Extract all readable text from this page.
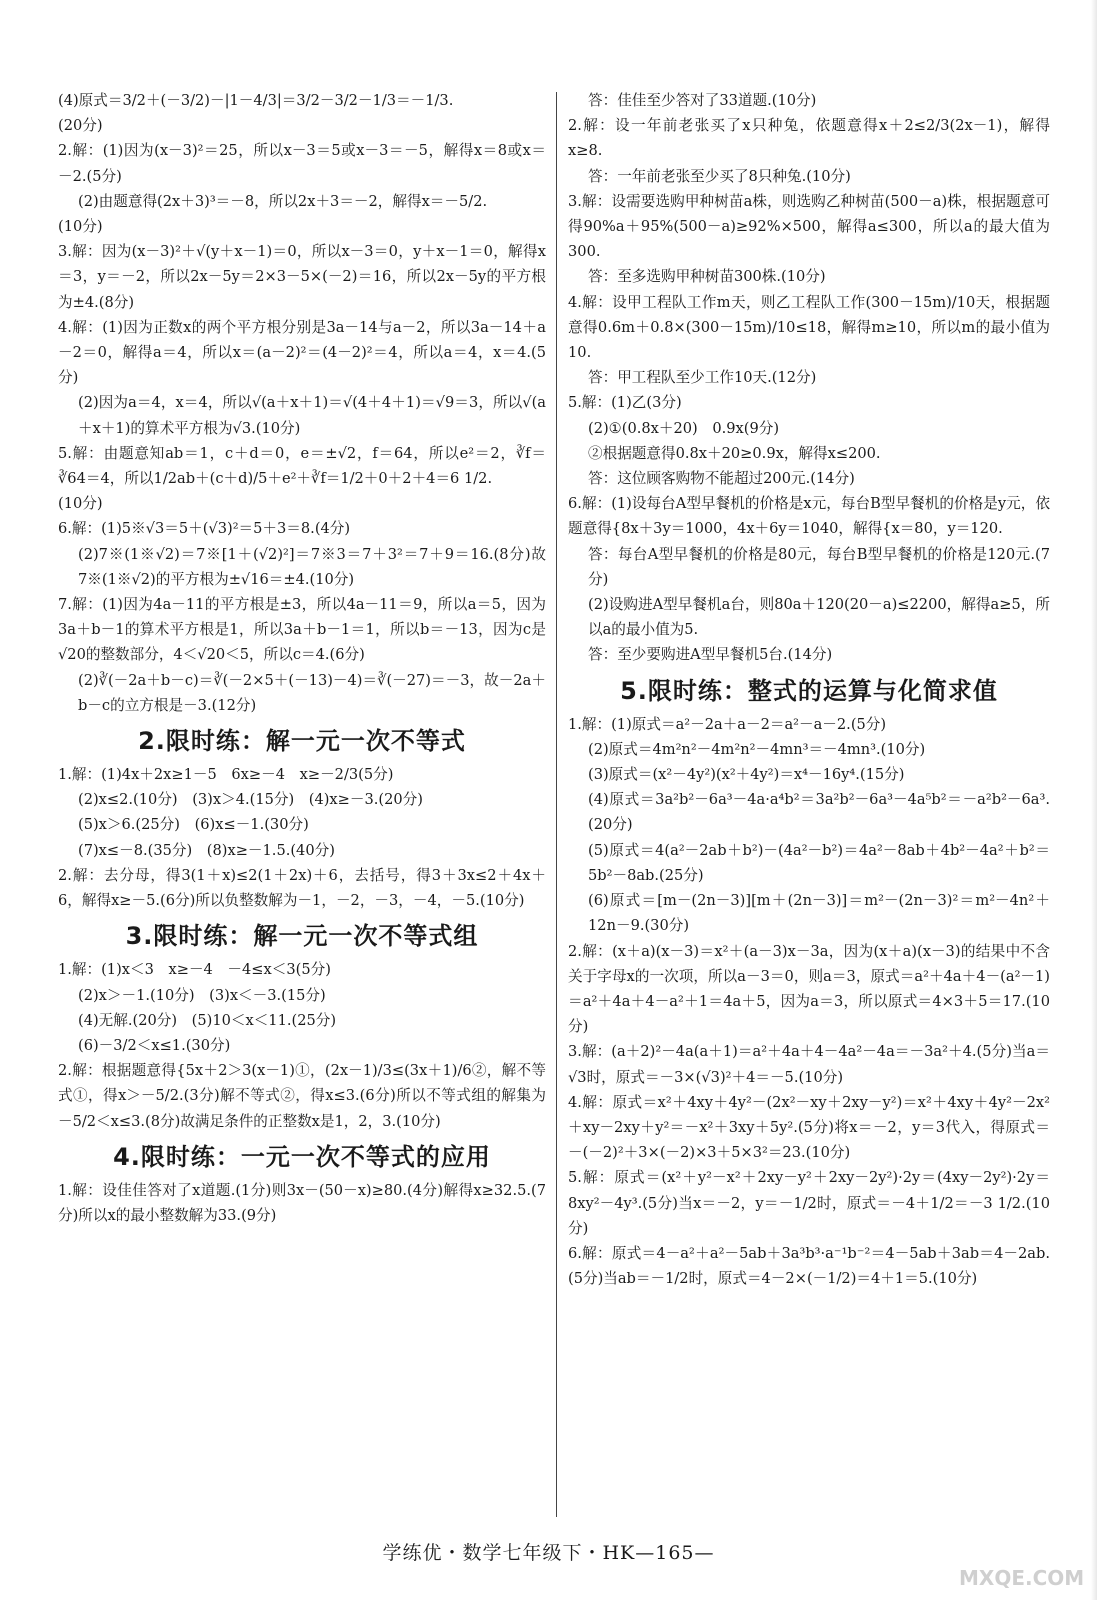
(4)原式＝3/2＋(－3/2)－|1－4/3|＝3/2－3/2－1/3＝－1/3.

(20分)

2.解：(1)因为(x－3)²＝25，所以x－3＝5或x－3＝－5，解得x＝8或x＝－2.(5分)

(2)由题意得(2x＋3)³＝－8，所以2x＋3＝－2，解得x＝－5/2.

(10分)

3.解：因为(x－3)²＋√(y＋x－1)＝0，所以x－3＝0，y＋x－1＝0，解得x＝3，y＝－2，所以2x－5y＝2×3－5×(－2)＝16，所以2x－5y的平方根为±4.(8分)

4.解：(1)因为正数x的两个平方根分别是3a－14与a－2，所以3a－14＋a－2＝0，解得a＝4，所以x＝(a－2)²＝(4－2)²＝4，所以a＝4，x＝4.(5分)

(2)因为a＝4，x＝4，所以√(a＋x＋1)＝√(4＋4＋1)＝√9＝3，所以√(a＋x＋1)的算术平方根为√3.(10分)

5.解：由题意知ab＝1，c＋d＝0，e＝±√2，f＝64，所以e²＝2，∛f＝∛64＝4，所以1/2ab＋(c＋d)/5＋e²＋∛f＝1/2＋0＋2＋4＝6 1/2.

(10分)

6.解：(1)5※√3＝5＋(√3)²＝5＋3＝8.(4分)

(2)7※(1※√2)＝7※[1＋(√2)²]＝7※3＝7＋3²＝7＋9＝16.(8分)故7※(1※√2)的平方根为±√16＝±4.(10分)

7.解：(1)因为4a－11的平方根是±3，所以4a－11＝9，所以a＝5，因为3a＋b－1的算术平方根是1，所以3a＋b－1＝1，所以b＝－13，因为c是√20的整数部分，4＜√20＜5，所以c＝4.(6分)

(2)∛(－2a＋b－c)＝∛(－2×5＋(－13)－4)＝∛(－27)＝－3，故－2a＋b－c的立方根是－3.(12分)

2.限时练：解一元一次不等式

1.解：(1)4x＋2x≥1－5　6x≥－4　x≥－2/3(5分)

(2)x≤2.(10分)　(3)x＞4.(15分)　(4)x≥－3.(20分)

(5)x＞6.(25分)　(6)x≤－1.(30分)

(7)x≤－8.(35分)　(8)x≥－1.5.(40分)

2.解：去分母，得3(1＋x)≤2(1＋2x)＋6，去括号，得3＋3x≤2＋4x＋6，解得x≥－5.(6分)所以负整数解为－1，－2，－3，－4，－5.(10分)

3.限时练：解一元一次不等式组

1.解：(1)x＜3　x≥－4　－4≤x＜3(5分)

(2)x＞－1.(10分)　(3)x＜－3.(15分)

(4)无解.(20分)　(5)10＜x＜11.(25分)

(6)－3/2＜x≤1.(30分)

2.解：根据题意得{5x＋2＞3(x－1)①，(2x－1)/3≤(3x＋1)/6②，解不等式①，得x＞－5/2.(3分)解不等式②，得x≤3.(6分)所以不等式组的解集为－5/2＜x≤3.(8分)故满足条件的正整数x是1，2，3.(10分)

4.限时练：一元一次不等式的应用

1.解：设佳佳答对了x道题.(1分)则3x－(50－x)≥80.(4分)解得x≥32.5.(7分)所以x的最小整数解为33.(9分)

答：佳佳至少答对了33道题.(10分)

2.解：设一年前老张买了x只种兔，依题意得x＋2≤2/3(2x－1)，解得x≥8.

答：一年前老张至少买了8只种兔.(10分)

3.解：设需要选购甲种树苗a株，则选购乙种树苗(500－a)株，根据题意可得90%a＋95%(500－a)≥92%×500，解得a≤300，所以a的最大值为300.

答：至多选购甲种树苗300株.(10分)

4.解：设甲工程队工作m天，则乙工程队工作(300－15m)/10天，根据题意得0.6m＋0.8×(300－15m)/10≤18，解得m≥10，所以m的最小值为10.

答：甲工程队至少工作10天.(12分)

5.解：(1)乙(3分)

(2)①(0.8x＋20)　0.9x(9分)

②根据题意得0.8x＋20≥0.9x，解得x≤200.

答：这位顾客购物不能超过200元.(14分)

6.解：(1)设每台A型早餐机的价格是x元，每台B型早餐机的价格是y元，依题意得{8x＋3y＝1000，4x＋6y＝1040，解得{x＝80，y＝120.

答：每台A型早餐机的价格是80元，每台B型早餐机的价格是120元.(7分)

(2)设购进A型早餐机a台，则80a＋120(20－a)≤2200，解得a≥5，所以a的最小值为5.

答：至少要购进A型早餐机5台.(14分)

5.限时练：整式的运算与化简求值

1.解：(1)原式＝a²－2a＋a－2＝a²－a－2.(5分)

(2)原式＝4m²n²－4m²n²－4mn³＝－4mn³.(10分)

(3)原式＝(x²－4y²)(x²＋4y²)＝x⁴－16y⁴.(15分)

(4)原式＝3a²b²－6a³－4a·a⁴b²＝3a²b²－6a³－4a⁵b²＝－a²b²－6a³.(20分)

(5)原式＝4(a²－2ab＋b²)－(4a²－b²)＝4a²－8ab＋4b²－4a²＋b²＝5b²－8ab.(25分)

(6)原式＝[m－(2n－3)][m＋(2n－3)]＝m²－(2n－3)²＝m²－4n²＋12n－9.(30分)

2.解：(x＋a)(x－3)＝x²＋(a－3)x－3a，因为(x＋a)(x－3)的结果中不含关于字母x的一次项，所以a－3＝0，则a＝3，原式＝a²＋4a＋4－(a²－1)＝a²＋4a＋4－a²＋1＝4a＋5，因为a＝3，所以原式＝4×3＋5＝17.(10分)

3.解：(a＋2)²－4a(a＋1)＝a²＋4a＋4－4a²－4a＝－3a²＋4.(5分)当a＝√3时，原式＝－3×(√3)²＋4＝－5.(10分)

4.解：原式＝x²＋4xy＋4y²－(2x²－xy＋2xy－y²)＝x²＋4xy＋4y²－2x²＋xy－2xy＋y²＝－x²＋3xy＋5y².(5分)将x＝－2，y＝3代入，得原式＝－(－2)²＋3×(－2)×3＋5×3²＝23.(10分)

5.解：原式＝(x²＋y²－x²＋2xy－y²＋2xy－2y²)·2y＝(4xy－2y²)·2y＝8xy²－4y³.(5分)当x＝－2，y＝－1/2时，原式＝－4＋1/2＝－3 1/2.(10分)

6.解：原式＝4－a²＋a²－5ab＋3a³b³·a⁻¹b⁻²＝4－5ab＋3ab＝4－2ab.(5分)当ab＝－1/2时，原式＝4－2×(－1/2)＝4＋1＝5.(10分)

学练优・数学七年级下・HK—165—
MXQE.COM
